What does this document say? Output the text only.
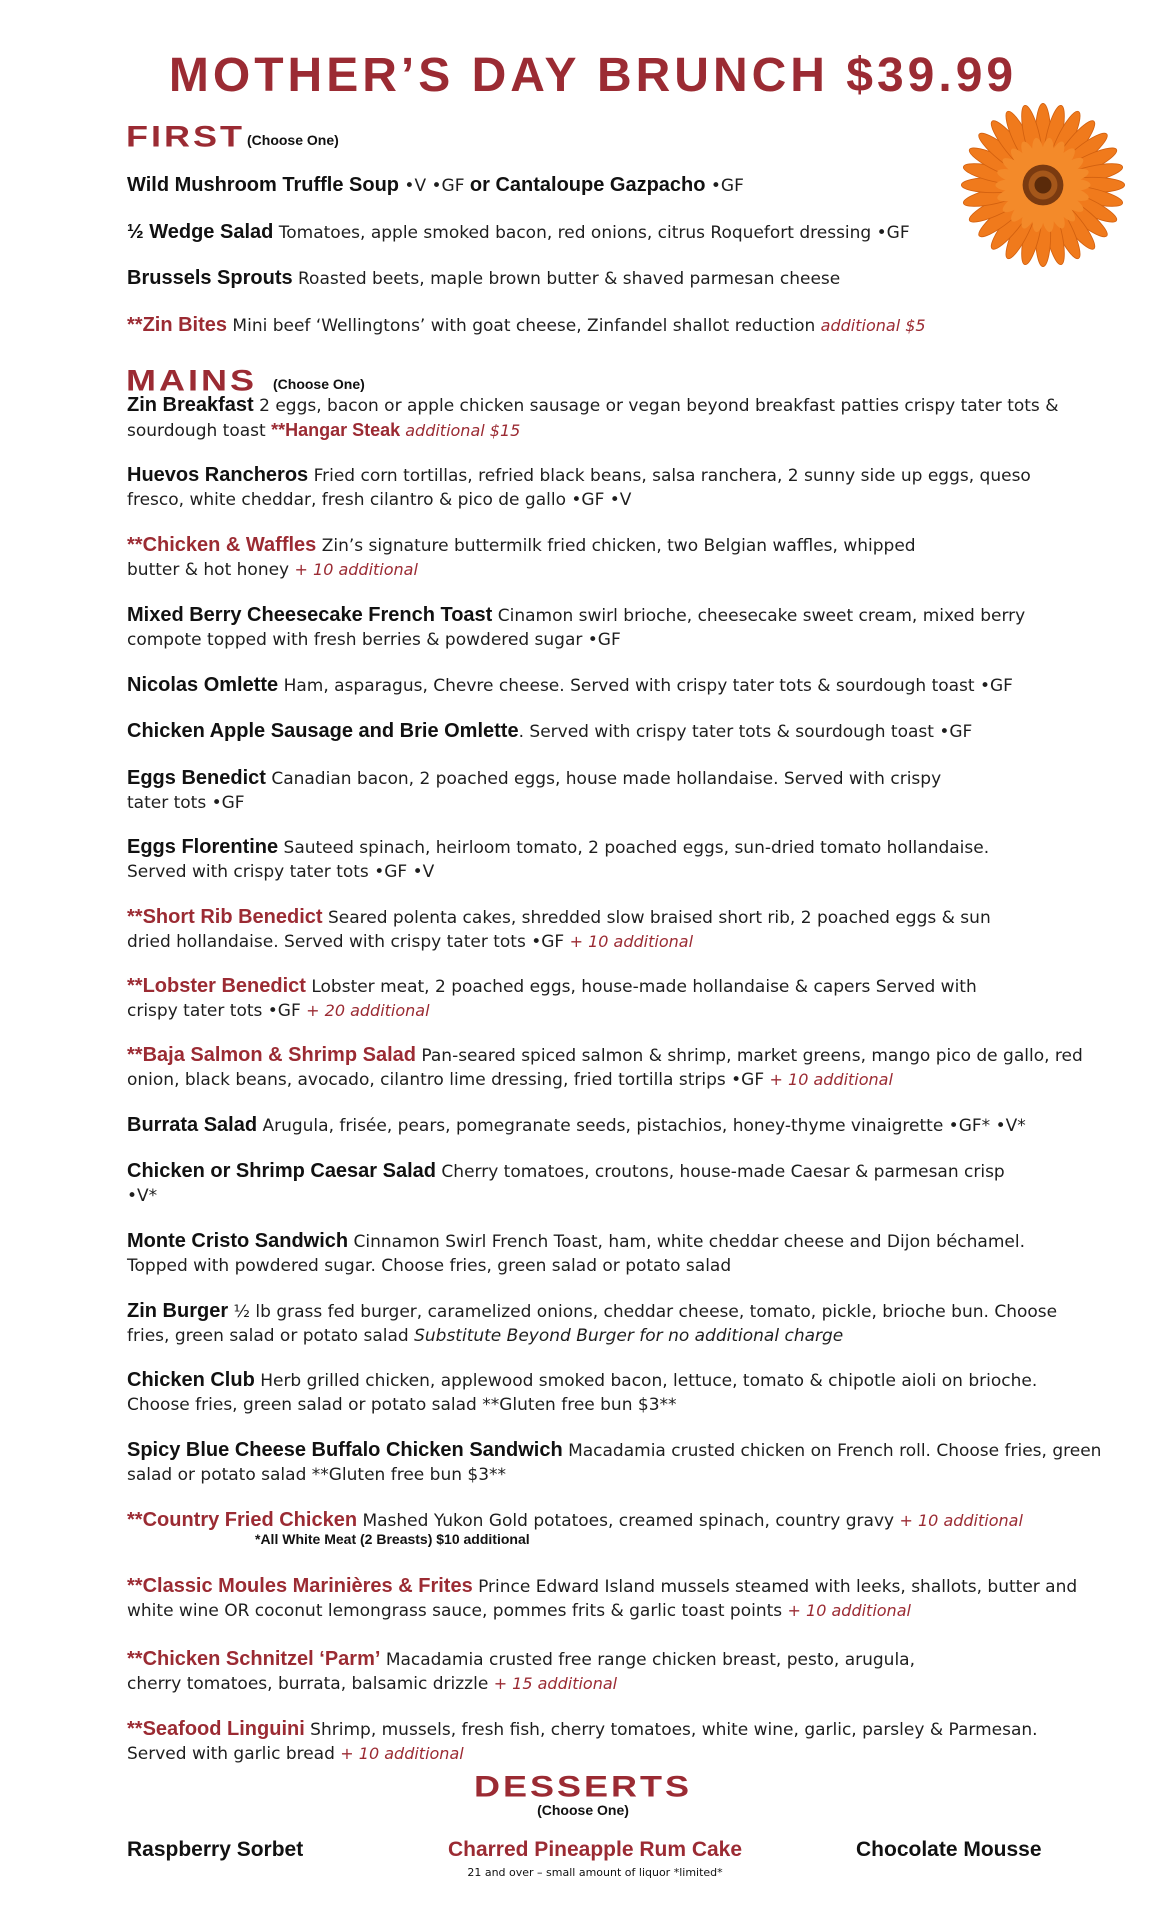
MOTHER’S DAY BRUNCH $39.99
FIRST (Choose One)
Wild Mushroom Truffle Soup •V •GF or Cantaloupe Gazpacho •GF
½ Wedge Salad Tomatoes, apple smoked bacon, red onions, citrus Roquefort dressing •GF
Brussels Sprouts Roasted beets, maple brown butter & shaved parmesan cheese
**Zin Bites Mini beef ‘Wellingtons’ with goat cheese, Zinfandel shallot reduction additional $5
MAINS (Choose One)
Zin Breakfast 2 eggs, bacon or apple chicken sausage or vegan beyond breakfast patties crispy tater tots & sourdough toast **Hangar Steak additional $15
Huevos Rancheros Fried corn tortillas, refried black beans, salsa ranchera, 2 sunny side up eggs, queso fresco, white cheddar, fresh cilantro & pico de gallo •GF •V
**Chicken & Waffles Zin’s signature buttermilk fried chicken, two Belgian waffles, whipped butter & hot honey + 10 additional
Mixed Berry Cheesecake French Toast Cinamon swirl brioche, cheesecake sweet cream, mixed berry compote topped with fresh berries & powdered sugar •GF
Nicolas Omlette Ham, asparagus, Chevre cheese. Served with crispy tater tots & sourdough toast •GF
Chicken Apple Sausage and Brie Omlette. Served with crispy tater tots & sourdough toast •GF
Eggs Benedict Canadian bacon, 2 poached eggs, house made hollandaise. Served with crispy tater tots •GF
Eggs Florentine Sauteed spinach, heirloom tomato, 2 poached eggs, sun-dried tomato hollandaise. Served with crispy tater tots •GF •V
**Short Rib Benedict Seared polenta cakes, shredded slow braised short rib, 2 poached eggs & sun dried hollandaise. Served with crispy tater tots •GF + 10 additional
**Lobster Benedict Lobster meat, 2 poached eggs, house-made hollandaise & capers Served with crispy tater tots •GF + 20 additional
**Baja Salmon & Shrimp Salad Pan-seared spiced salmon & shrimp, market greens, mango pico de gallo, red onion, black beans, avocado, cilantro lime dressing, fried tortilla strips •GF + 10 additional
Burrata Salad Arugula, frisée, pears, pomegranate seeds, pistachios, honey-thyme vinaigrette •GF* •V*
Chicken or Shrimp Caesar Salad Cherry tomatoes, croutons, house-made Caesar & parmesan crisp •V*
Monte Cristo Sandwich Cinnamon Swirl French Toast, ham, white cheddar cheese and Dijon béchamel. Topped with powdered sugar. Choose fries, green salad or potato salad
Zin Burger ½ lb grass fed burger, caramelized onions, cheddar cheese, tomato, pickle, brioche bun. Choose fries, green salad or potato salad Substitute Beyond Burger for no additional charge
Chicken Club Herb grilled chicken, applewood smoked bacon, lettuce, tomato & chipotle aioli on brioche. Choose fries, green salad or potato salad **Gluten free bun $3**
Spicy Blue Cheese Buffalo Chicken Sandwich Macadamia crusted chicken on French roll. Choose fries, green salad or potato salad **Gluten free bun $3**
**Country Fried Chicken Mashed Yukon Gold potatoes, creamed spinach, country gravy + 10 additional
*All White Meat (2 Breasts) $10 additional
**Classic Moules Marinières & Frites Prince Edward Island mussels steamed with leeks, shallots, butter and white wine OR coconut lemongrass sauce, pommes frits & garlic toast points + 10 additional
**Chicken Schnitzel ‘Parm’ Macadamia crusted free range chicken breast, pesto, arugula, cherry tomatoes, burrata, balsamic drizzle + 15 additional
**Seafood Linguini Shrimp, mussels, fresh fish, cherry tomatoes, white wine, garlic, parsley & Parmesan. Served with garlic bread + 10 additional
DESSERTS
(Choose One)
Raspberry Sorbet	Charred Pineapple Rum Cake
21 and over – small amount of liquor *limited*
Chocolate Mousse
